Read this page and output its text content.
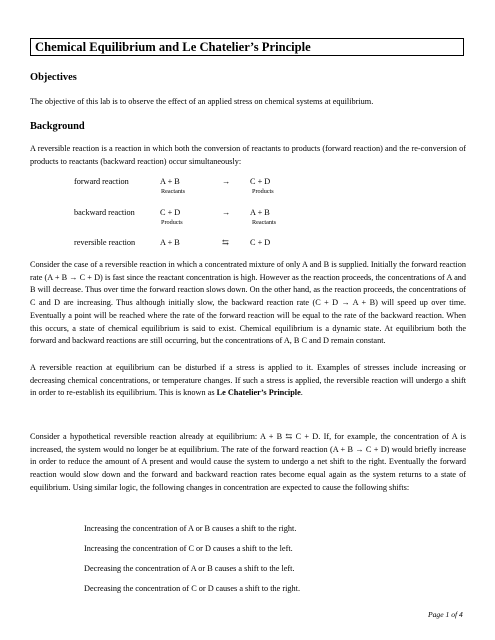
Chemical Equilibrium and Le Chatelier’s Principle
Objectives
The objective of this lab is to observe the effect of an applied stress on chemical systems at equilibrium.
Background
A reversible reaction is a reaction in which both the conversion of reactants to products (forward reaction) and the re-conversion of products to reactants (backward reaction) occur simultaneously:
forward reaction	A + B	→ C + D
Reactants	Products
backward reaction	C + D	→ A + B
Products	Reactants
reversible reaction	A + B	⇆	C + D
Consider the case of a reversible reaction in which a concentrated mixture of only A and B is supplied. Initially the forward reaction rate (A + B → C + D) is fast since the reactant concentration is high. However as the reaction proceeds, the concentrations of A and B will decrease. Thus over time the forward reaction slows down. On the other hand, as the reaction proceeds, the concentrations of C and D are increasing. Thus although initially slow, the backward reaction rate (C + D → A + B) will speed up over time. Eventually a point will be reached where the rate of the forward reaction will be equal to the rate of the backward reaction. When this occurs, a state of chemical equilibrium is said to exist. Chemical equilibrium is a dynamic state. At equilibrium both the forward and backward reactions are still occurring, but the concentrations of A, B C and D remain constant.
A reversible reaction at equilibrium can be disturbed if a stress is applied to it. Examples of stresses include increasing or decreasing chemical concentrations, or temperature changes. If such a stress is applied, the reversible reaction will undergo a shift in order to re-establish its equilibrium. This is known as Le Chatelier’s Principle.
Consider a hypothetical reversible reaction already at equilibrium: A + B ⇆ C + D. If, for example, the concentration of A is increased, the system would no longer be at equilibrium. The rate of the forward reaction (A + B → C + D) would briefly increase in order to reduce the amount of A present and would cause the system to undergo a net shift to the right. Eventually the forward reaction would slow down and the forward and backward reaction rates become equal again as the system returns to a state of equilibrium. Using similar logic, the following changes in concentration are expected to cause the following shifts:
Increasing the concentration of A or B causes a shift to the right.
Increasing the concentration of C or D causes a shift to the left.
Decreasing the concentration of A or B causes a shift to the left.
Decreasing the concentration of C or D causes a shift to the right.
Page 1 of 4
